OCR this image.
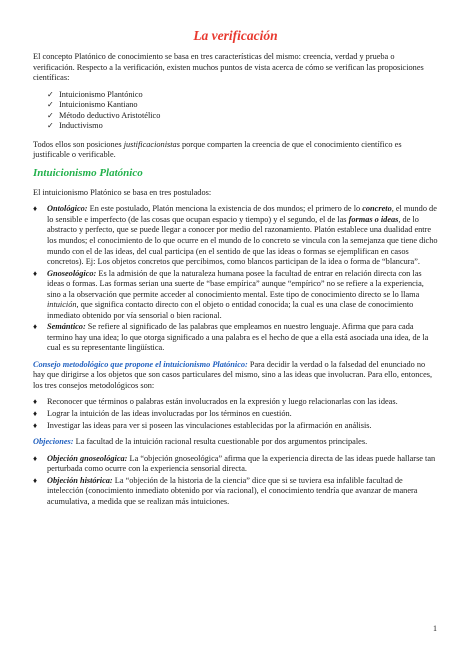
La verificación

El concepto Platónico de conocimiento se basa en tres características del mismo: creencia, verdad y prueba o verificación. Respecto a la verificación, existen muchos puntos de vista acerca de cómo se verifican las proposiciones científicas:

✓ Intuicionismo Plantónico
✓ Intuicionismo Kantiano
✓ Método deductivo Aristotélico
✓ Inductivismo

Todos ellos son posiciones justificacionistas porque comparten la creencia de que el conocimiento científico es justificable o verificable.

Intuicionismo Platónico

El intuicionismo Platónico se basa en tres postulados:

♦ Ontológico: En este postulado, Platón menciona la existencia de dos mundos; el primero de lo concreto, el mundo de lo sensible e imperfecto (de las cosas que ocupan espacio y tiempo) y el segundo, el de las formas o ideas, de lo abstracto y perfecto, que se puede llegar a conocer por medio del razonamiento. Platón establece una dualidad entre los mundos; el conocimiento de lo que ocurre en el mundo de lo concreto se vincula con la semejanza que tiene dicho mundo con el de las ideas, del cual participa (en el sentido de que las ideas o formas se ejemplifican en casos concretos). Ej: Los objetos concretos que percibimos, como blancos participan de la idea o forma de “blancura”.
♦ Gnoseológico: Es la admisión de que la naturaleza humana posee la facultad de entrar en relación directa con las ideas o formas. Las formas serian una suerte de “base empírica” aunque “empírico” no se refiere a la experiencia, sino a la observación que permite acceder al conocimiento mental. Este tipo de conocimiento directo se lo llama intuición, que significa contacto directo con el objeto o entidad conocida; la cual es una clase de conocimiento inmediato obtenido por vía sensorial o bien racional.
♦ Semántico: Se refiere al significado de las palabras que empleamos en nuestro lenguaje. Afirma que para cada termino hay una idea; lo que otorga significado a una palabra es el hecho de que a ella está asociada una idea, de la cual es su representante lingüística.

Consejo metodológico que propone el intuicionismo Platónico: Para decidir la verdad o la falsedad del enunciado no hay que dirigirse a los objetos que son casos particulares del mismo, sino a las ideas que involucran. Para ello, entonces, los tres consejos metodológicos son:

♦ Reconocer que términos o palabras están involucrados en la expresión y luego relacionarlas con las ideas.
♦ Lograr la intuición de las ideas involucradas por los términos en cuestión.
♦ Investigar las ideas para ver si poseen las vinculaciones establecidas por la afirmación en análisis.

Objeciones: La facultad de la intuición racional resulta cuestionable por dos argumentos principales.

♦ Objeción gnoseológica: La “objeción gnoseológica” afirma que la experiencia directa de las ideas puede hallarse tan perturbada como ocurre con la experiencia sensorial directa.
♦ Objeción histórica: La “objeción de la historia de la ciencia” dice que si se tuviera esa infalible facultad de intelección (conocimiento inmediato obtenido por vía racional), el conocimiento tendría que avanzar de manera acumulativa, a medida que se realizan más intuiciones.
1
